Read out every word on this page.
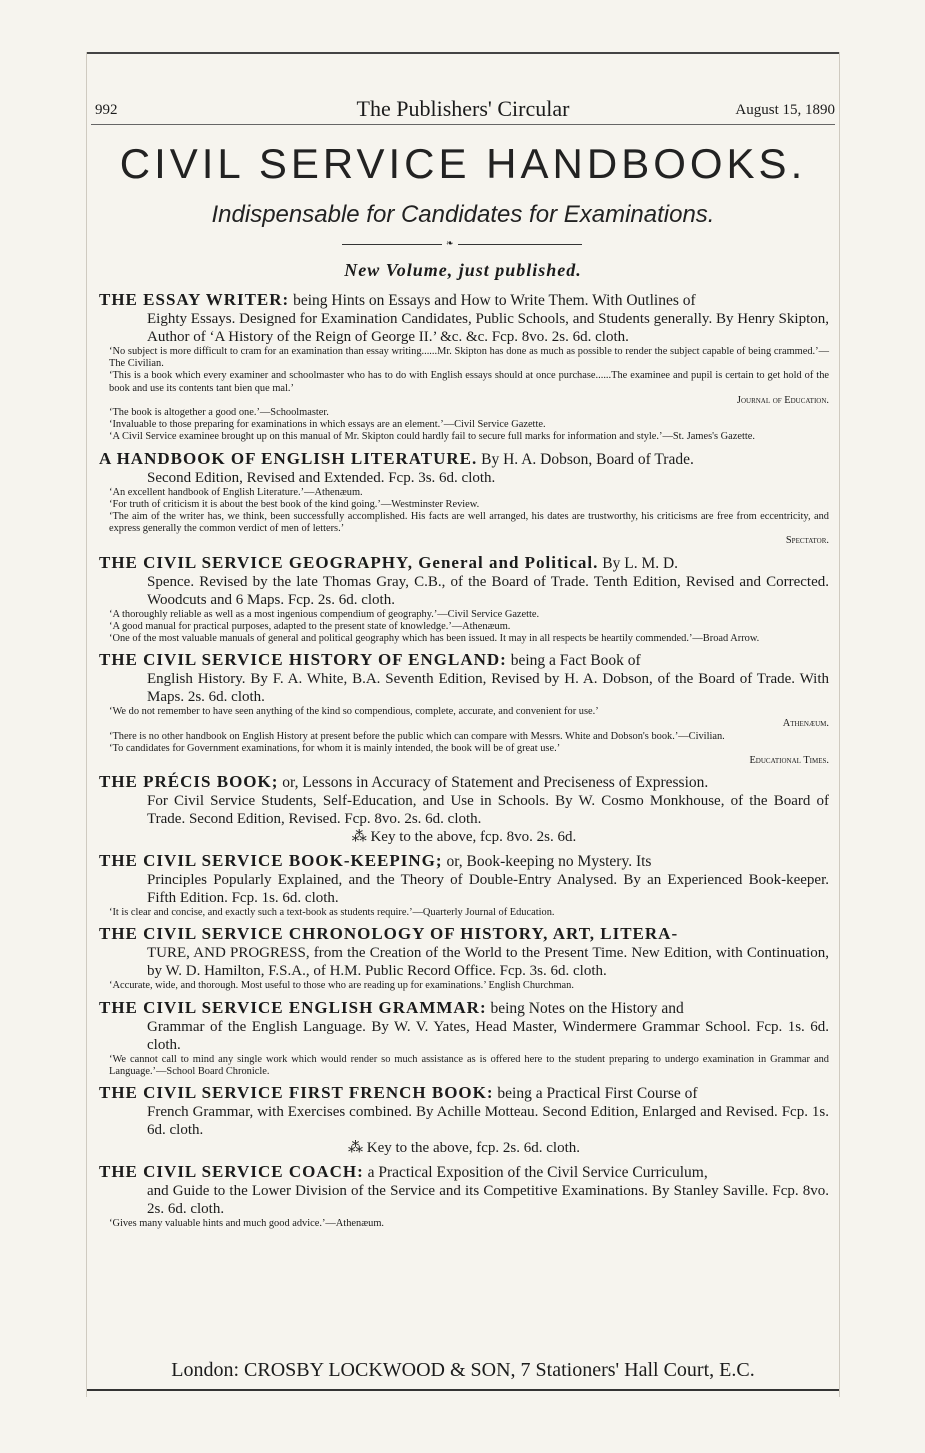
992	The Publishers' Circular	August 15, 1890
CIVIL SERVICE HANDBOOKS.
Indispensable for Candidates for Examinations.
❧
New Volume, just published.

THE ESSAY WRITER: being Hints on Essays and How to Write Them. With Outlines of

Eighty Essays. Designed for Examination Candidates, Public Schools, and Students generally. By Henry Skipton, Author of ‘A History of the Reign of George II.’ &c. &c. Fcp. 8vo. 2s. 6d. cloth.

‘No subject is more difficult to cram for an examination than essay writing......Mr. Skipton has done as much as possible to render the subject capable of being crammed.’—The Civilian.

‘This is a book which every examiner and schoolmaster who has to do with English essays should at once purchase......The examinee and pupil is certain to get hold of the book and use its contents tant bien que mal.’

Journal of Education.

‘The book is altogether a good one.’—Schoolmaster.

‘Invaluable to those preparing for examinations in which essays are an element.’—Civil Service Gazette.

‘A Civil Service examinee brought up on this manual of Mr. Skipton could hardly fail to secure full marks for information and style.’—St. James's Gazette.

A HANDBOOK OF ENGLISH LITERATURE. By H. A. Dobson, Board of Trade.

Second Edition, Revised and Extended. Fcp. 3s. 6d. cloth.

‘An excellent handbook of English Literature.’—Athenæum.

‘For truth of criticism it is about the best book of the kind going.’—Westminster Review.

‘The aim of the writer has, we think, been successfully accomplished. His facts are well arranged, his dates are trustworthy, his criticisms are free from eccentricity, and express generally the common verdict of men of letters.’

Spectator.

THE CIVIL SERVICE GEOGRAPHY, General and Political. By L. M. D.

Spence. Revised by the late Thomas Gray, C.B., of the Board of Trade. Tenth Edition, Revised and Corrected. Woodcuts and 6 Maps. Fcp. 2s. 6d. cloth.

‘A thoroughly reliable as well as a most ingenious compendium of geography.’—Civil Service Gazette.

‘A good manual for practical purposes, adapted to the present state of knowledge.’—Athenæum.

‘One of the most valuable manuals of general and political geography which has been issued. It may in all respects be heartily commended.’—Broad Arrow.

THE CIVIL SERVICE HISTORY OF ENGLAND: being a Fact Book of

English History. By F. A. White, B.A. Seventh Edition, Revised by H. A. Dobson, of the Board of Trade. With Maps. 2s. 6d. cloth.

‘We do not remember to have seen anything of the kind so compendious, complete, accurate, and convenient for use.’

Athenæum.

‘There is no other handbook on English History at present before the public which can compare with Messrs. White and Dobson's book.’—Civilian.

‘To candidates for Government examinations, for whom it is mainly intended, the book will be of great use.’

Educational Times.

THE PRÉCIS BOOK; or, Lessons in Accuracy of Statement and Preciseness of Expression.

For Civil Service Students, Self-Education, and Use in Schools. By W. Cosmo Monkhouse, of the Board of Trade. Second Edition, Revised. Fcp. 8vo. 2s. 6d. cloth.

⁂ Key to the above, fcp. 8vo. 2s. 6d.

THE CIVIL SERVICE BOOK-KEEPING; or, Book-keeping no Mystery. Its

Principles Popularly Explained, and the Theory of Double-Entry Analysed. By an Experienced Book-keeper. Fifth Edition. Fcp. 1s. 6d. cloth.

‘It is clear and concise, and exactly such a text-book as students require.’—Quarterly Journal of Education.

THE CIVIL SERVICE CHRONOLOGY OF HISTORY, ART, LITERA-

TURE, AND PROGRESS, from the Creation of the World to the Present Time. New Edition, with Continuation, by W. D. Hamilton, F.S.A., of H.M. Public Record Office. Fcp. 3s. 6d. cloth.

‘Accurate, wide, and thorough. Most useful to those who are reading up for examinations.’ English Churchman.

THE CIVIL SERVICE ENGLISH GRAMMAR: being Notes on the History and

Grammar of the English Language. By W. V. Yates, Head Master, Windermere Grammar School. Fcp. 1s. 6d. cloth.

‘We cannot call to mind any single work which would render so much assistance as is offered here to the student preparing to undergo examination in Grammar and Language.’—School Board Chronicle.

THE CIVIL SERVICE FIRST FRENCH BOOK: being a Practical First Course of

French Grammar, with Exercises combined. By Achille Motteau. Second Edition, Enlarged and Revised. Fcp. 1s. 6d. cloth.

⁂ Key to the above, fcp. 2s. 6d. cloth.

THE CIVIL SERVICE COACH: a Practical Exposition of the Civil Service Curriculum,

and Guide to the Lower Division of the Service and its Competitive Examinations. By Stanley Saville. Fcp. 8vo. 2s. 6d. cloth.

‘Gives many valuable hints and much good advice.’—Athenæum.

London: CROSBY LOCKWOOD & SON, 7 Stationers' Hall Court, E.C.
